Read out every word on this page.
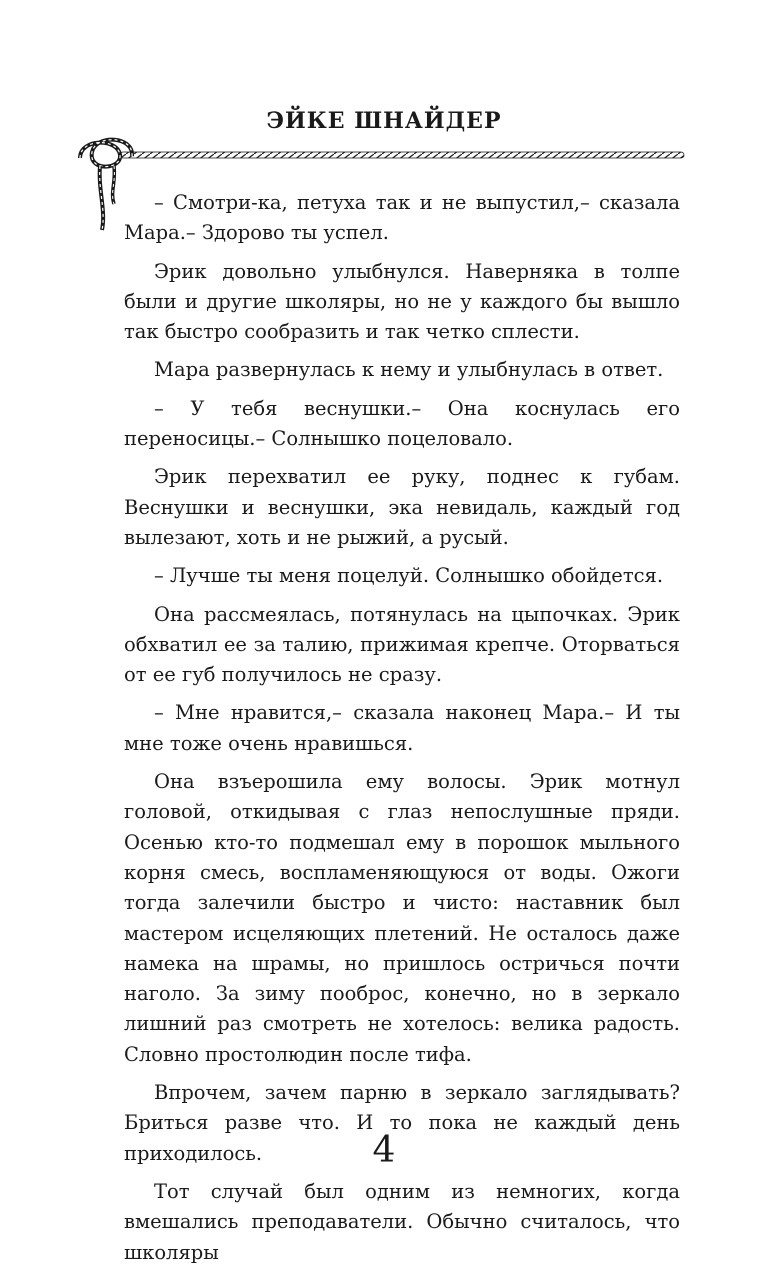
ЭЙКЕ ШНАЙДЕР

– Смотри-ка, петуха так и не выпустил,– сказала Мара.– Здорово ты успел.

Эрик довольно улыбнулся. Наверняка в толпе были и другие школяры, но не у каждого бы вышло так быстро сообразить и так четко сплести.

Мара развернулась к нему и улыбнулась в ответ.

– У тебя веснушки.– Она коснулась его переносицы.– Солнышко поцеловало.

Эрик перехватил ее руку, поднес к губам. Веснушки и веснушки, эка невидаль, каждый год вылезают, хоть и не рыжий, а русый.

– Лучше ты меня поцелуй. Солнышко обойдется.

Она рассмеялась, потянулась на цыпочках. Эрик обхватил ее за талию, прижимая крепче. Оторваться от ее губ получилось не сразу.

– Мне нравится,– сказала наконец Мара.– И ты мне тоже очень нравишься.

Она взъерошила ему волосы. Эрик мотнул головой, откидывая с глаз непослушные пряди. Осенью кто-то подмешал ему в порошок мыльного корня смесь, воспламеняющуюся от воды. Ожоги тогда залечили быстро и чисто: наставник был мастером исцеляющих плетений. Не осталось даже намека на шрамы, но пришлось остричься почти наголо. За зиму пооброс, конечно, но в зеркало лишний раз смотреть не хотелось: велика радость. Словно простолюдин после тифа.

Впрочем, зачем парню в зеркало заглядывать? Бриться разве что. И то пока не каждый день приходилось.

Тот случай был одним из немногих, когда вмешались преподаватели. Обычно считалось, что школяры

4
